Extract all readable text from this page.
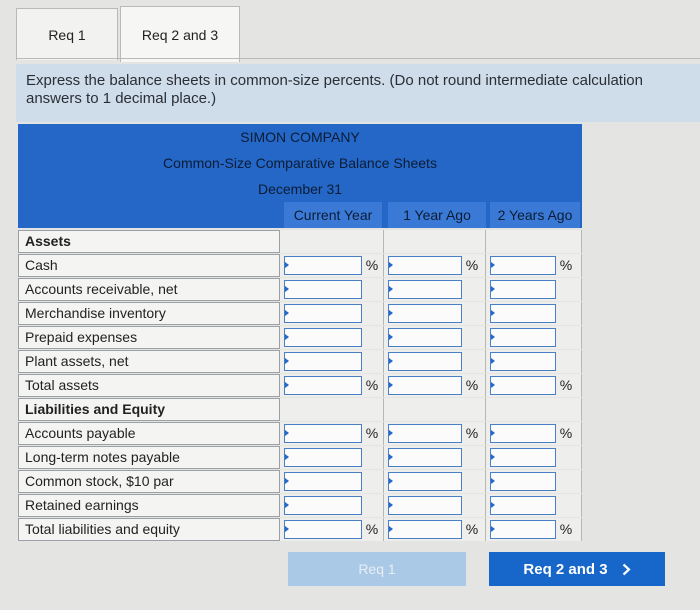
Req 1	Req 2 and 3
Express the balance sheets in common-size percents. (Do not round intermediate calculation
answers to 1 decimal place.)
SIMON COMPANY
Common-Size Comparative Balance Sheets
December 31
Current Year	1 Year Ago	2 Years Ago
Assets
Cash	%	%	%
Accounts receivable, net
Merchandise inventory
Prepaid expenses
Plant assets, net
Total assets	%	%	%
Liabilities and Equity
Accounts payable	%	%	%
Long-term notes payable
Common stock, $10 par
Retained earnings
Total liabilities and equity	%	%	%
Req 1	Req 2 and 3
